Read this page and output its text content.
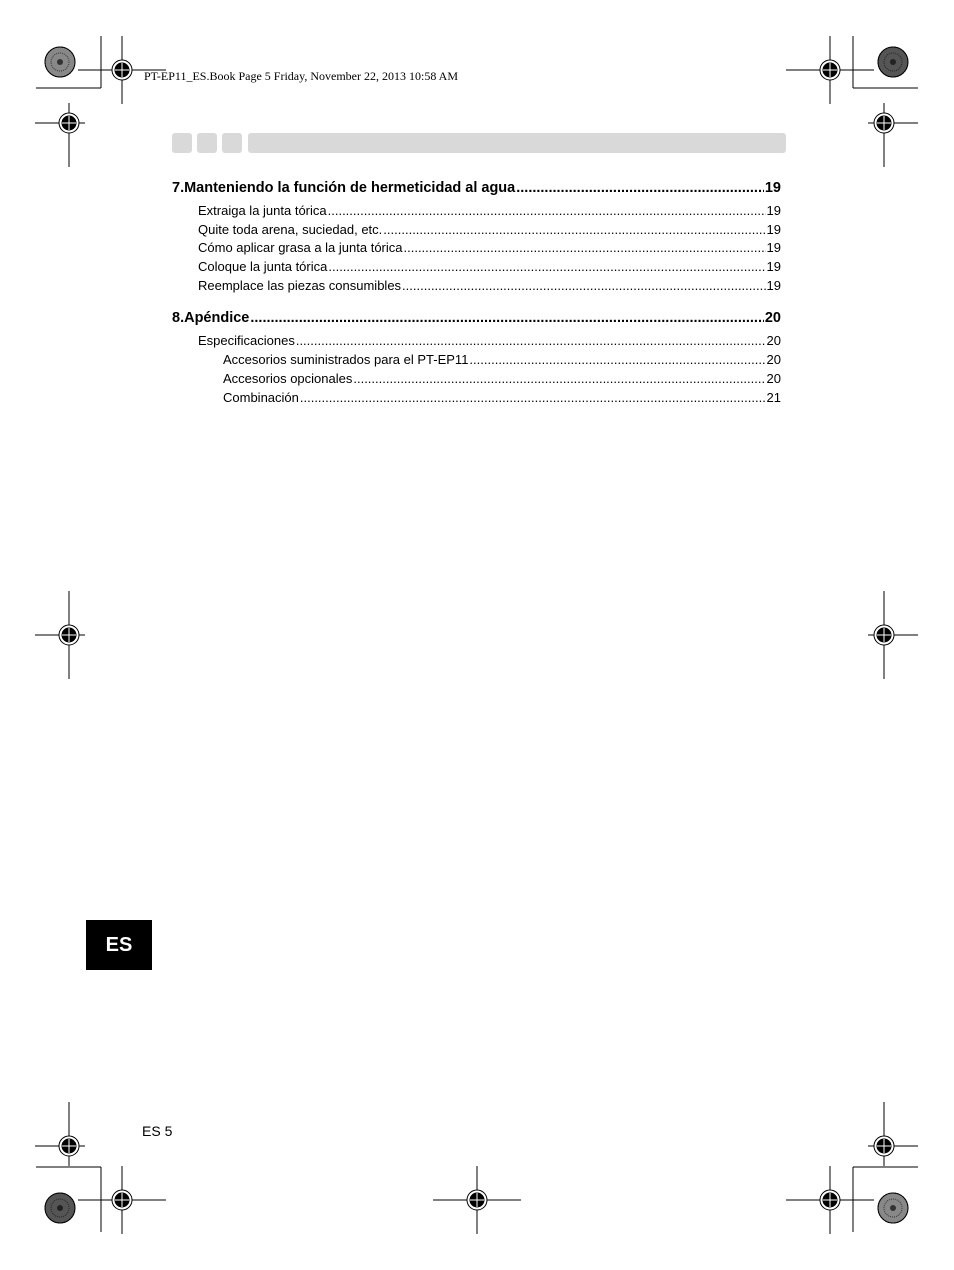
PT-EP11_ES.Book Page 5 Friday, November 22, 2013 10:58 AM
7.Manteniendo la función de hermeticidad al agua .....	19
Extraiga la junta tórica .....	19
Quite toda arena, suciedad, etc. .....	19
Cómo aplicar grasa a la junta tórica .....	19
Coloque la junta tórica .....	19
Reemplace las piezas consumibles .....	19
8.Apéndice .....	20
Especificaciones .....	20
Accesorios suministrados para el PT-EP11 .....	20
Accesorios opcionales .....	20
Combinación .....	21
ES
ES 5
